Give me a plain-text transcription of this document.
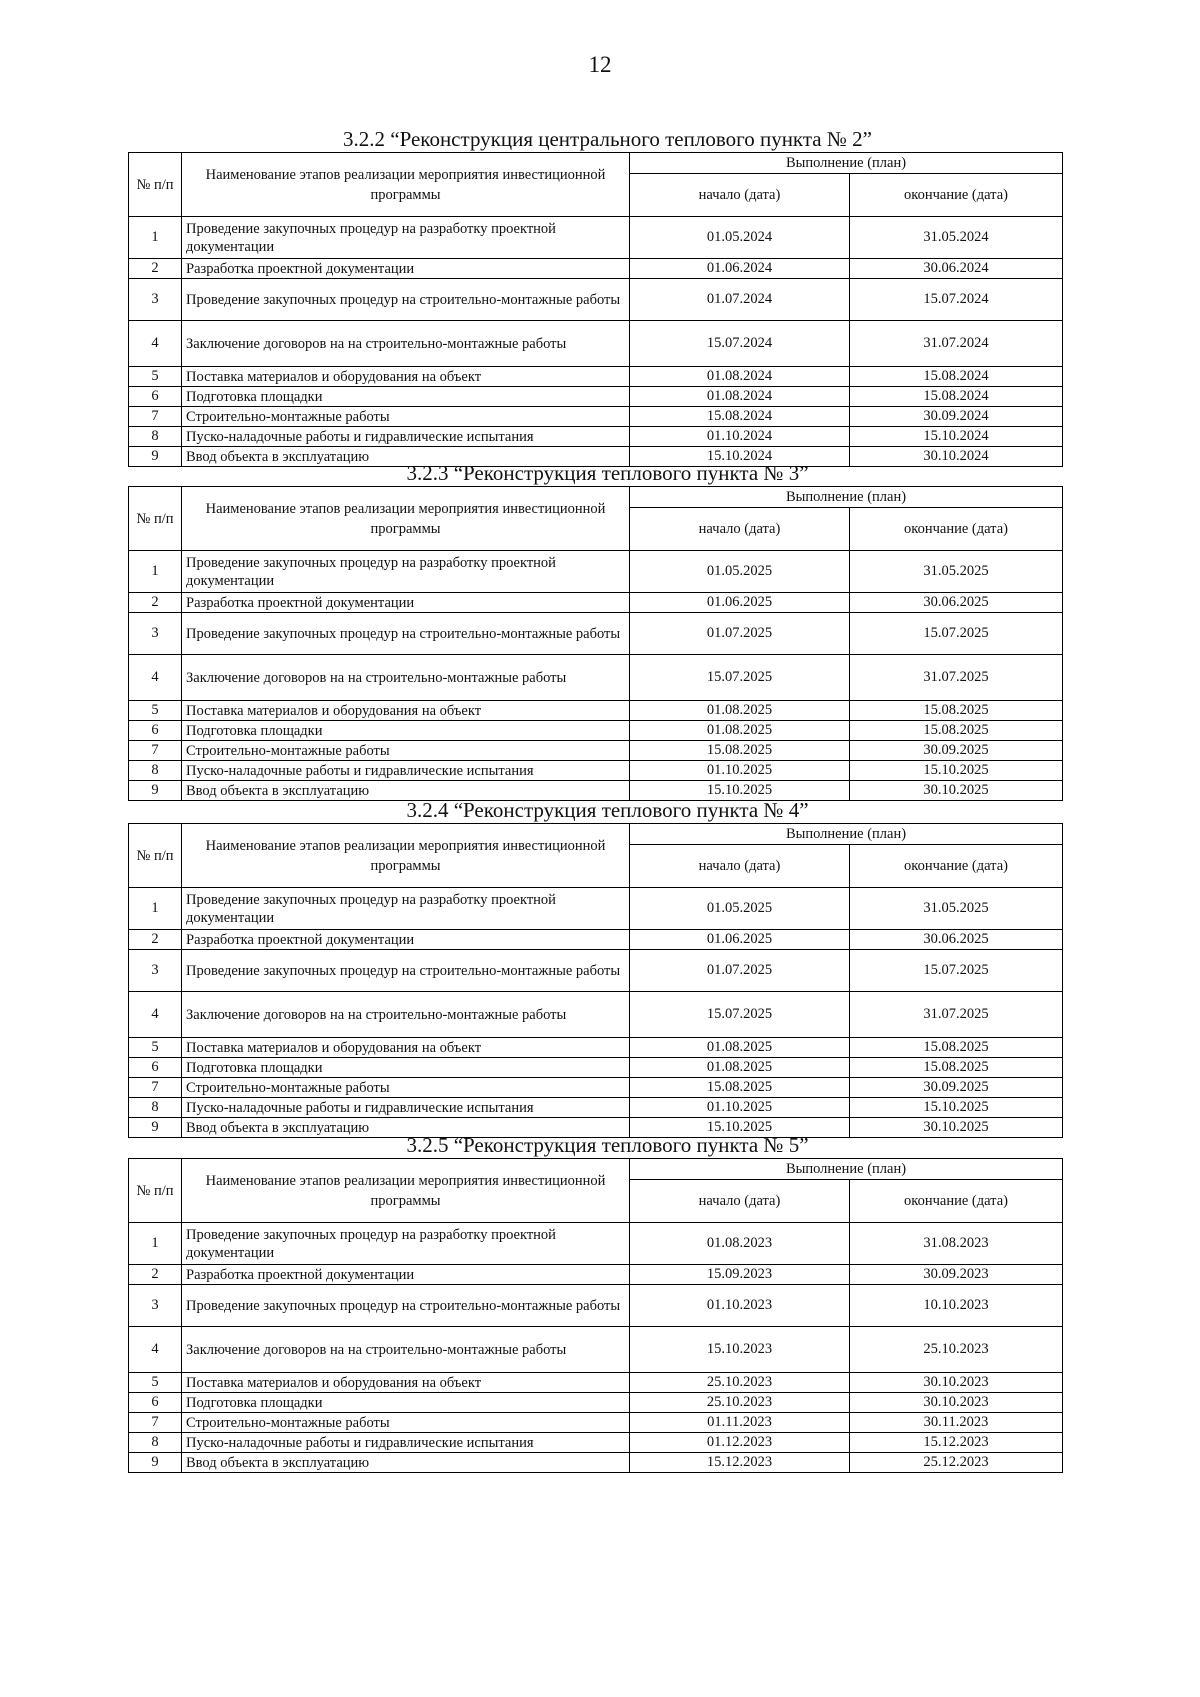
12
3.2.2 “Реконструкция центрального теплового пункта № 2”
№ п/п	Наименование этапов реализации мероприятия инвестиционной программы	Выполнение (план)	
		начало (дата)	окончание (дата)
1	Проведение закупочных процедур на разработку проектной документации	01.05.2024	31.05.2024
2	Разработка проектной документации	01.06.2024	30.06.2024
3	Проведение закупочных процедур на строительно-монтажные работы	01.07.2024	15.07.2024
4	Заключение договоров на на строительно-монтажные работы	15.07.2024	31.07.2024
5	Поставка материалов и оборудования на объект	01.08.2024	15.08.2024
6	Подготовка площадки	01.08.2024	15.08.2024
7	Строительно-монтажные работы	15.08.2024	30.09.2024
8	Пуско-наладочные работы и гидравлические испытания	01.10.2024	15.10.2024
9	Ввод объекта в эксплуатацию	15.10.2024	30.10.2024
3.2.3 “Реконструкция теплового пункта № 3”
№ п/п	Наименование этапов реализации мероприятия инвестиционной программы	Выполнение (план)	
		начало (дата)	окончание (дата)
1	Проведение закупочных процедур на разработку проектной документации	01.05.2025	31.05.2025
2	Разработка проектной документации	01.06.2025	30.06.2025
3	Проведение закупочных процедур на строительно-монтажные работы	01.07.2025	15.07.2025
4	Заключение договоров на на строительно-монтажные работы	15.07.2025	31.07.2025
5	Поставка материалов и оборудования на объект	01.08.2025	15.08.2025
6	Подготовка площадки	01.08.2025	15.08.2025
7	Строительно-монтажные работы	15.08.2025	30.09.2025
8	Пуско-наладочные работы и гидравлические испытания	01.10.2025	15.10.2025
9	Ввод объекта в эксплуатацию	15.10.2025	30.10.2025
3.2.4 “Реконструкция теплового пункта № 4”
№ п/п	Наименование этапов реализации мероприятия инвестиционной программы	Выполнение (план)	
		начало (дата)	окончание (дата)
1	Проведение закупочных процедур на разработку проектной документации	01.05.2025	31.05.2025
2	Разработка проектной документации	01.06.2025	30.06.2025
3	Проведение закупочных процедур на строительно-монтажные работы	01.07.2025	15.07.2025
4	Заключение договоров на на строительно-монтажные работы	15.07.2025	31.07.2025
5	Поставка материалов и оборудования на объект	01.08.2025	15.08.2025
6	Подготовка площадки	01.08.2025	15.08.2025
7	Строительно-монтажные работы	15.08.2025	30.09.2025
8	Пуско-наладочные работы и гидравлические испытания	01.10.2025	15.10.2025
9	Ввод объекта в эксплуатацию	15.10.2025	30.10.2025
3.2.5 “Реконструкция теплового пункта № 5”
№ п/п	Наименование этапов реализации мероприятия инвестиционной программы	Выполнение (план)	
		начало (дата)	окончание (дата)
1	Проведение закупочных процедур на разработку проектной документации	01.08.2023	31.08.2023
2	Разработка проектной документации	15.09.2023	30.09.2023
3	Проведение закупочных процедур на строительно-монтажные работы	01.10.2023	10.10.2023
4	Заключение договоров на на строительно-монтажные работы	15.10.2023	25.10.2023
5	Поставка материалов и оборудования на объект	25.10.2023	30.10.2023
6	Подготовка площадки	25.10.2023	30.10.2023
7	Строительно-монтажные работы	01.11.2023	30.11.2023
8	Пуско-наладочные работы и гидравлические испытания	01.12.2023	15.12.2023
9	Ввод объекта в эксплуатацию	15.12.2023	25.12.2023
